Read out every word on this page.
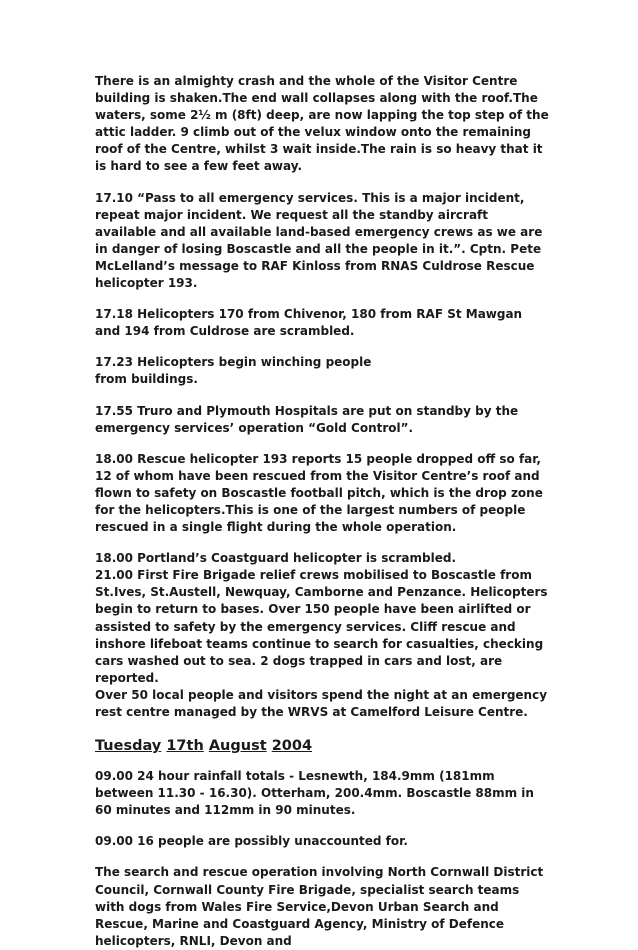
There is an almighty crash and the whole of the Visitor Centre building is shaken.The end wall collapses along with the roof.The waters, some 2½ m (8ft) deep, are now lapping the top step of the attic ladder. 9 climb out of the velux window onto the remaining roof of the Centre, whilst 3 wait inside.The rain is so heavy that it is hard to see a few feet away.

17.10 “Pass to all emergency services. This is a major incident, repeat major incident. We request all the standby aircraft available and all available land-based emergency crews as we are in danger of losing Boscastle and all the people in it.”. Cptn. Pete McLelland’s message to RAF Kinloss from RNAS Culdrose Rescue helicopter 193.

17.18 Helicopters 170 from Chivenor, 180 from RAF St Mawgan and 194 from Culdrose are scrambled.

17.23 Helicopters begin winching people from buildings.

17.55 Truro and Plymouth Hospitals are put on standby by the emergency services’ operation “Gold Control”.

18.00 Rescue helicopter 193 reports 15 people dropped off so far, 12 of whom have been rescued from the Visitor Centre’s roof and flown to safety on Boscastle football pitch, which is the drop zone for the helicopters.This is one of the largest numbers of people rescued in a single flight during the whole operation.

18.00 Portland’s Coastguard helicopter is scrambled.

21.00 First Fire Brigade relief crews mobilised to Boscastle from St.Ives, St.Austell, Newquay, Camborne and Penzance. Helicopters begin to return to bases. Over 150 people have been airlifted or assisted to safety by the emergency services. Cliff rescue and inshore lifeboat teams continue to search for casualties, checking cars washed out to sea. 2 dogs trapped in cars and lost, are reported.

Over 50 local people and visitors spend the night at an emergency rest centre managed by the WRVS at Camelford Leisure Centre.

Tuesday 17th August 2004

09.00 24 hour rainfall totals - Lesnewth, 184.9mm (181mm between 11.30 - 16.30). Otterham, 200.4mm. Boscastle 88mm in 60 minutes and 112mm in 90 minutes.

09.00 16 people are possibly unaccounted for.

The search and rescue operation involving North Cornwall District Council, Cornwall County Fire Brigade, specialist search teams with dogs from Wales Fire Service,Devon Urban Search and Rescue, Marine and Coastguard Agency, Ministry of Defence helicopters, RNLI, Devon and
